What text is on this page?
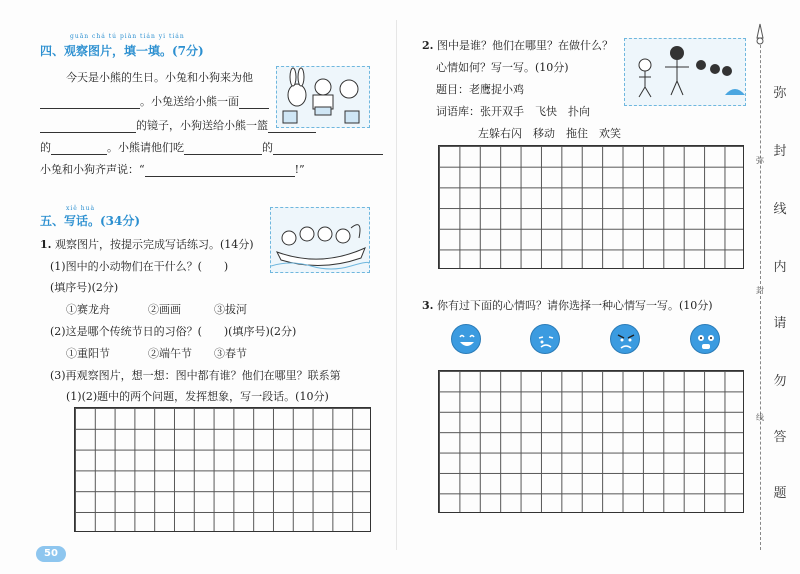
guān chá tú piàn tián yi tián
四、观察图片，填一填。(7分)
今天是小熊的生日。小兔和小狗来为他
。小兔送给小熊一面
的镜子，小狗送给小熊一篮
的	。小熊请他们吃	的
小兔和小狗齐声说：“	!”
xiě huà
五、写话。(34分)
1. 观察图片，按提示完成写话练习。(14分)
(1)图中的小动物们在干什么？(　　)
(填序号)(2分)
①赛龙舟	②画画	③拔河
(2)这是哪个传统节日的习俗？(　　)(填序号)(2分)
①重阳节	②端午节 ③春节
(3)再观察图片，想一想：图中都有谁？他们在哪里？联系第
(1)(2)题中的两个问题，发挥想象，写一段话。(10分)
50
2. 图中是谁？他们在哪里？在做什么？
心情如何？写一写。(10分)
题目：老鹰捉小鸡
词语库：张开双手　飞快　扑向
左躲右闪　移动　拖住　欢笑
3. 你有过下面的心情吗？请你选择一种心情写一写。(10分)
弥
封
线
弥
封
线
内
请
勿
答
题
